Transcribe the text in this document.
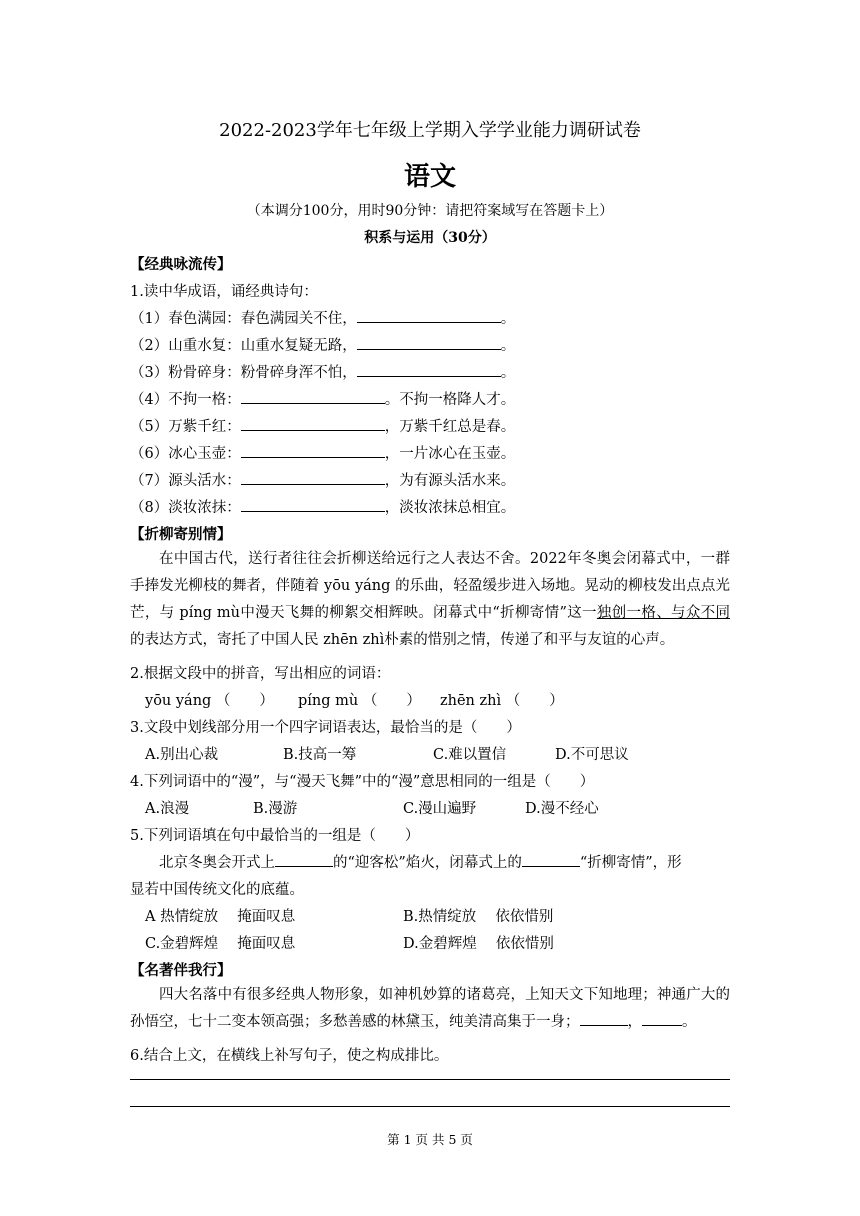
2022-2023学年七年级上学期入学学业能力调研试卷
语文
（本调分100分，用时90分钟：请把符案域写在答题卡上）
积系与运用（30分）
【经典咏流传】
1.读中华成语，诵经典诗句：
（1）春色满园：春色满园关不住，	。
（2）山重水复：山重水复疑无路，	。
（3）粉骨碎身：粉骨碎身浑不怕，	。
（4）不拘一格：	。不拘一格降人才。
（5）万紫千红：	，万紫千红总是春。
（6）冰心玉壶：	，一片冰心在玉壶。
（7）源头活水：	，为有源头活水来。
（8）淡妆浓抹：	，淡妆浓抹总相宜。
【折柳寄别情】
在中国古代，送行者往往会折柳送给远行之人表达不舍。2022年冬奥会闭幕式中，一群手捧发光柳枝的舞者，伴随着 yōu yáng 的乐曲，轻盈缓步进入场地。晃动的柳枝发出点点光芒，与 píng mù中漫天飞舞的柳絮交相辉映。闭幕式中“折柳寄情”这一独创一格、与众不同的表达方式，寄托了中国人民 zhēn zhì朴素的惜别之情，传递了和平与友谊的心声。
2.根据文段中的拼音，写出相应的词语：
yōu yáng （　　） píng mù （　　） zhēn zhì （　　）
3.文段中划线部分用一个四字词语表达，最恰当的是（　　）
A.别出心裁	B.技高一筹	C.难以置信	D.不可思议
4.下列词语中的“漫”，与“漫天飞舞”中的“漫”意思相同的一组是（　　）
A.浪漫	B.漫游	C.漫山遍野	D.漫不经心
5.下列词语填在句中最恰当的一组是（　　）
北京冬奥会开式上	的“迎客松”焰火，闭幕式上的	“折柳寄情”，形
显若中国传统文化的底蕴。
A 热情绽放　 掩面叹息	B.热情绽放　 依依惜别
C.金碧辉煌　 掩面叹息	D.金碧辉煌　 依依惜别
【名著伴我行】
四大名落中有很多经典人物形象，如神机妙算的诸葛亮，上知天文下知地理；神通广大的孙悟空，七十二变本领高强；多愁善感的林黛玉，纯美清高集于一身；	，	。
6.结合上文，在横线上补写句子，使之构成排比。
第 1 页 共 5 页
